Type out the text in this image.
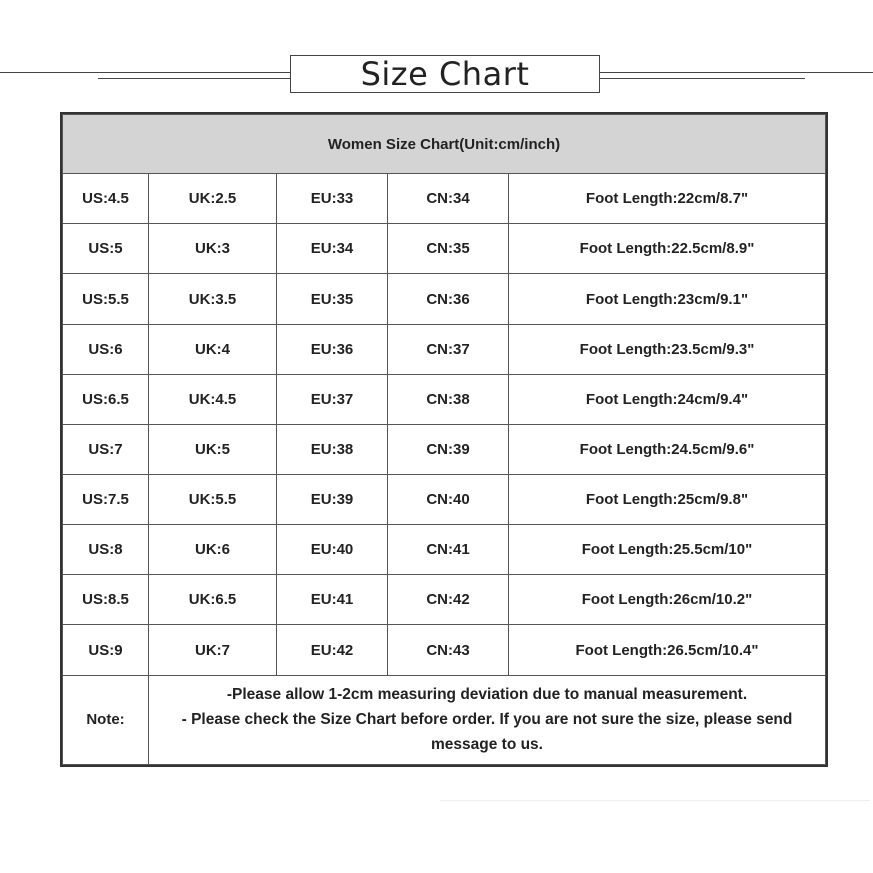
Size Chart
Women Size Chart(Unit:cm/inch)				
US:4.5	UK:2.5	EU:33	CN:34	Foot Length:22cm/8.7"
US:5	UK:3	EU:34	CN:35	Foot Length:22.5cm/8.9"
US:5.5	UK:3.5	EU:35	CN:36	Foot Length:23cm/9.1"
US:6	UK:4	EU:36	CN:37	Foot Length:23.5cm/9.3"
US:6.5	UK:4.5	EU:37	CN:38	Foot Length:24cm/9.4"
US:7	UK:5	EU:38	CN:39	Foot Length:24.5cm/9.6"
US:7.5	UK:5.5	EU:39	CN:40	Foot Length:25cm/9.8"
US:8	UK:6	EU:40	CN:41	Foot Length:25.5cm/10"
US:8.5	UK:6.5	EU:41	CN:42	Foot Length:26cm/10.2"
US:9	UK:7	EU:42	CN:43	Foot Length:26.5cm/10.4"
Note:	-Please allow 1-2cm measuring deviation due to manual measurement.
- Please check the Size Chart before order. If you are not sure the size, please send
message to us.			
